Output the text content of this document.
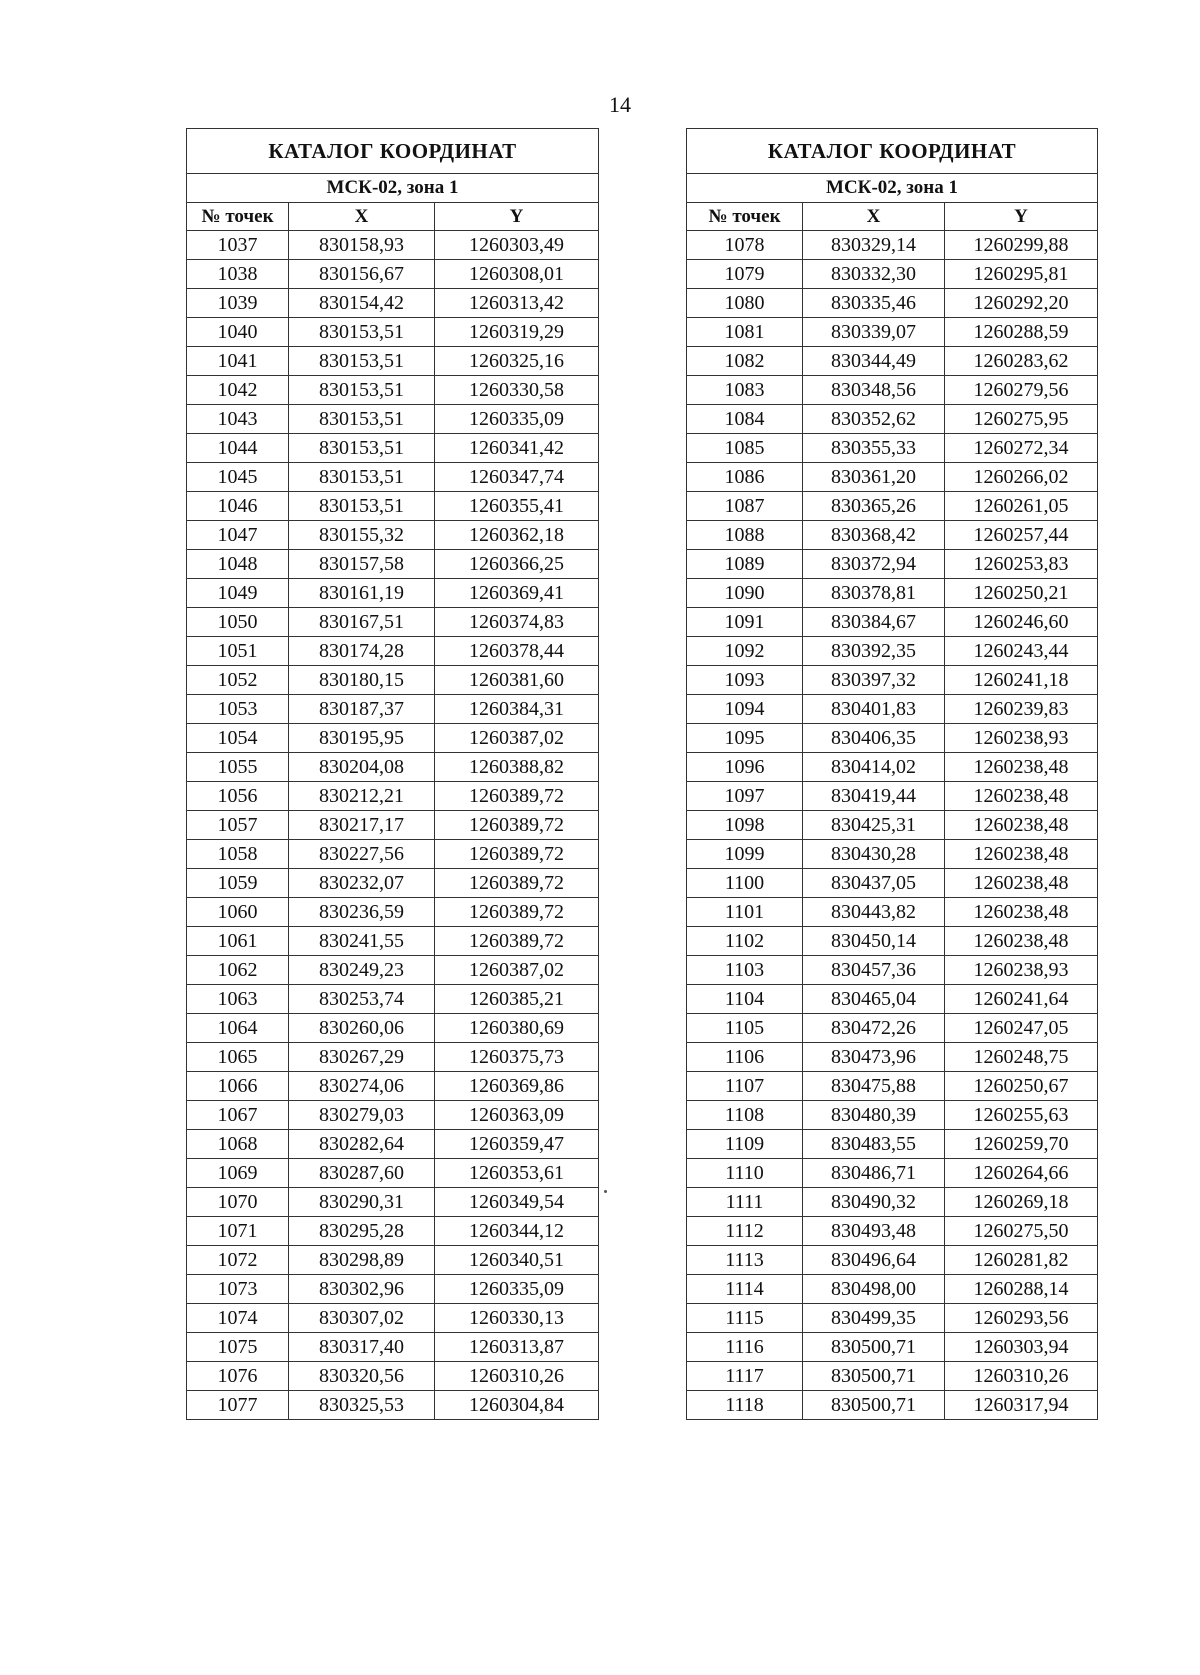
14
КАТАЛОГ КООРДИНАТ		
МСК-02, зона 1		
№ точек	X	Y
1037	830158,93	1260303,49
1038	830156,67	1260308,01
1039	830154,42	1260313,42
1040	830153,51	1260319,29
1041	830153,51	1260325,16
1042	830153,51	1260330,58
1043	830153,51	1260335,09
1044	830153,51	1260341,42
1045	830153,51	1260347,74
1046	830153,51	1260355,41
1047	830155,32	1260362,18
1048	830157,58	1260366,25
1049	830161,19	1260369,41
1050	830167,51	1260374,83
1051	830174,28	1260378,44
1052	830180,15	1260381,60
1053	830187,37	1260384,31
1054	830195,95	1260387,02
1055	830204,08	1260388,82
1056	830212,21	1260389,72
1057	830217,17	1260389,72
1058	830227,56	1260389,72
1059	830232,07	1260389,72
1060	830236,59	1260389,72
1061	830241,55	1260389,72
1062	830249,23	1260387,02
1063	830253,74	1260385,21
1064	830260,06	1260380,69
1065	830267,29	1260375,73
1066	830274,06	1260369,86
1067	830279,03	1260363,09
1068	830282,64	1260359,47
1069	830287,60	1260353,61
1070	830290,31	1260349,54
1071	830295,28	1260344,12
1072	830298,89	1260340,51
1073	830302,96	1260335,09
1074	830307,02	1260330,13
1075	830317,40	1260313,87
1076	830320,56	1260310,26
1077	830325,53	1260304,84
КАТАЛОГ КООРДИНАТ		
МСК-02, зона 1		
№ точек	X	Y
1078	830329,14	1260299,88
1079	830332,30	1260295,81
1080	830335,46	1260292,20
1081	830339,07	1260288,59
1082	830344,49	1260283,62
1083	830348,56	1260279,56
1084	830352,62	1260275,95
1085	830355,33	1260272,34
1086	830361,20	1260266,02
1087	830365,26	1260261,05
1088	830368,42	1260257,44
1089	830372,94	1260253,83
1090	830378,81	1260250,21
1091	830384,67	1260246,60
1092	830392,35	1260243,44
1093	830397,32	1260241,18
1094	830401,83	1260239,83
1095	830406,35	1260238,93
1096	830414,02	1260238,48
1097	830419,44	1260238,48
1098	830425,31	1260238,48
1099	830430,28	1260238,48
1100	830437,05	1260238,48
1101	830443,82	1260238,48
1102	830450,14	1260238,48
1103	830457,36	1260238,93
1104	830465,04	1260241,64
1105	830472,26	1260247,05
1106	830473,96	1260248,75
1107	830475,88	1260250,67
1108	830480,39	1260255,63
1109	830483,55	1260259,70
1110	830486,71	1260264,66
1111	830490,32	1260269,18
1112	830493,48	1260275,50
1113	830496,64	1260281,82
1114	830498,00	1260288,14
1115	830499,35	1260293,56
1116	830500,71	1260303,94
1117	830500,71	1260310,26
1118	830500,71	1260317,94
